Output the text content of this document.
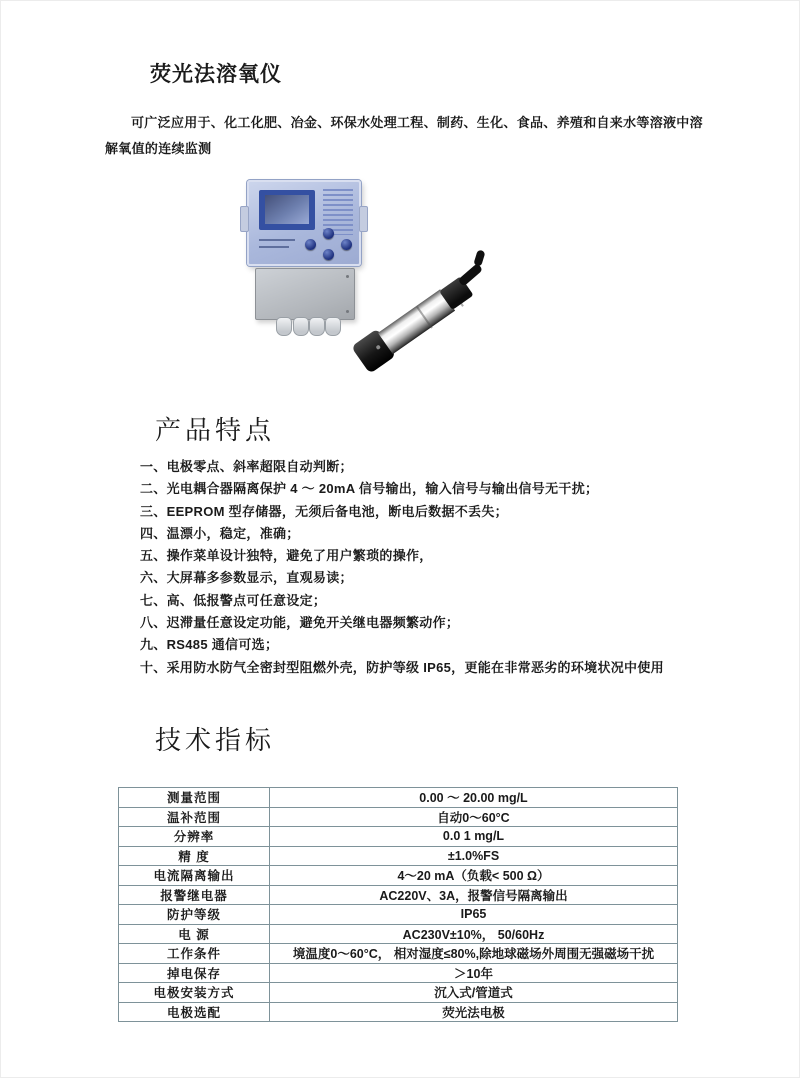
荧光法溶氧仪

可广泛应用于、化工化肥、冶金、环保水处理工程、制药、生化、食品、养殖和自来水等溶液中溶解氧值的连续监测

产品特点
一、电极零点、斜率超限自动判断；
二、光电耦合器隔离保护 4 ～ 20mA 信号输出，输入信号与输出信号无干扰；
三、EEPROM 型存储器，无须后备电池，断电后数据不丢失；
四、温漂小，稳定，准确；
五、操作菜单设计独特，避免了用户繁琐的操作，
六、大屏幕多参数显示，直观易读；
七、高、低报警点可任意设定；
八、迟滞量任意设定功能，避免开关继电器频繁动作；
九、RS485 通信可选；
十、采用防水防气全密封型阻燃外壳，防护等级 IP65，更能在非常恶劣的环境状况中使用
技术指标
测量范围	0.00 ～ 20.00 mg/L
温补范围	自动0～60°C
分辨率	0.0 1 mg/L
精 度	±1.0%FS
电流隔离输出	4～20 mA（负载< 500 Ω）
报警继电器	AC220V、3A，报警信号隔离输出
防护等级	IP65
电 源	AC230V±10%， 50/60Hz
工作条件	境温度0～60°C， 相对湿度≤80%,除地球磁场外周围无强磁场干扰
掉电保存	＞10年
电极安装方式	沉入式/管道式
电极选配	荧光法电极
